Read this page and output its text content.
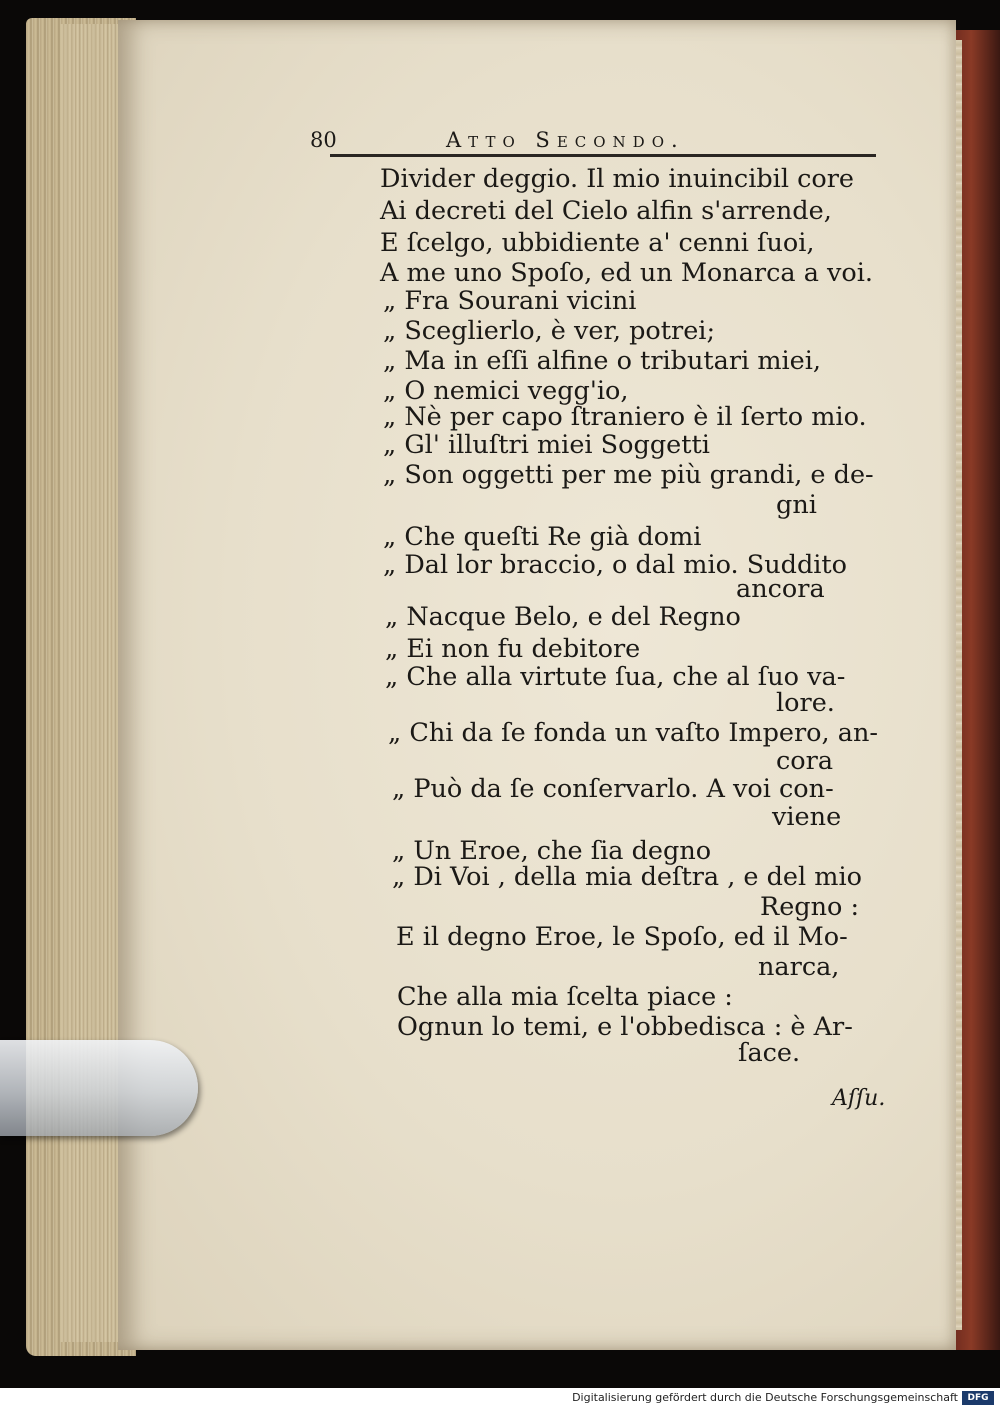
80	Atto Secondo.
Divider deggio. Il mio inuincibil core
Ai decreti del Cielo alfin s'arrende,
E ſcelgo, ubbidiente a' cenni ſuoi,
A me uno Spoſo, ed un Monarca a voi.
„ Fra Sourani vicini
„ Sceglierlo, è ver, potrei;
„ Ma in eſſi alfine o tributari miei,
„ O nemici vegg'io,
„ Nè per capo ſtraniero è il ſerto mio.
„ Gl' illuſtri miei Soggetti
„ Son oggetti per me più grandi, e de-
gni
„ Che queſti Re già domi
„ Dal lor braccio, o dal mio. Suddito
ancora
„ Nacque Belo, e del Regno
„ Ei non fu debitore
„ Che alla virtute ſua, che al ſuo va-
lore.
„ Chi da ſe fonda un vaſto Impero, an-
cora
„ Può da ſe conſervarlo. A voi con-
viene
„ Un Eroe, che ſia degno
„ Di Voi , della mia deſtra , e del mio
Regno :
E il degno Eroe, le Spoſo, ed il Mo-
narca,
Che alla mia ſcelta piace :
Ognun lo temi, e l'obbedisca : è Ar-
ſace.
Aſſu.
Digitalisierung gefördert durch die Deutsche Forschungsgemeinschaft	DFG
